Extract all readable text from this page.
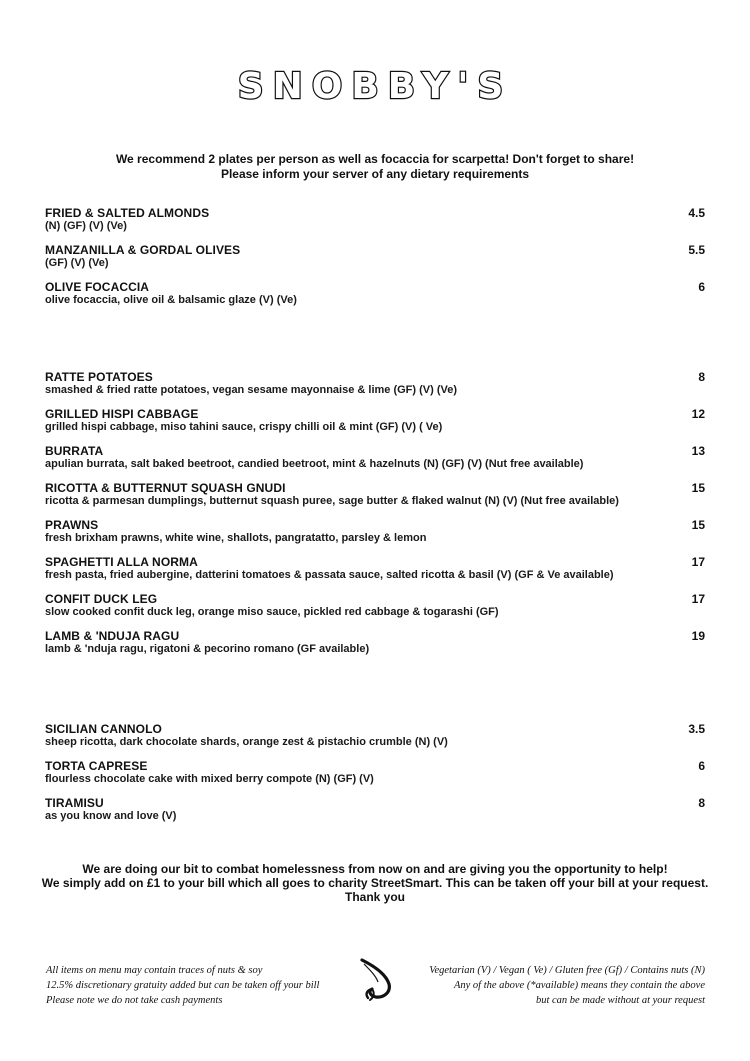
SNOBBY'S
We recommend 2 plates per person as well as focaccia for scarpetta! Don't forget to share!
Please inform your server of any dietary requirements
FRIED & SALTED ALMONDS	4.5
(N) (GF) (V) (Ve)
MANZANILLA & GORDAL OLIVES	5.5
(GF) (V) (Ve)
OLIVE FOCACCIA	6
olive focaccia, olive oil & balsamic glaze (V) (Ve)
RATTE POTATOES	8
smashed & fried ratte potatoes, vegan sesame mayonnaise & lime (GF) (V) (Ve)
GRILLED HISPI CABBAGE	12
grilled hispi cabbage, miso tahini sauce, crispy chilli oil & mint (GF) (V) ( Ve)
BURRATA	13
apulian burrata, salt baked beetroot, candied beetroot, mint & hazelnuts (N) (GF) (V) (Nut free available)
RICOTTA & BUTTERNUT SQUASH GNUDI	15
ricotta & parmesan dumplings, butternut squash puree, sage butter & flaked walnut (N) (V) (Nut free available)
PRAWNS	15
fresh brixham prawns, white wine, shallots, pangratatto, parsley & lemon
SPAGHETTI ALLA NORMA	17
fresh pasta, fried aubergine, datterini tomatoes & passata sauce, salted ricotta & basil (V) (GF & Ve available)
CONFIT DUCK LEG	17
slow cooked confit duck leg, orange miso sauce, pickled red cabbage & togarashi (GF)
LAMB & 'NDUJA RAGU	19
lamb & 'nduja ragu, rigatoni & pecorino romano (GF available)
SICILIAN CANNOLO	3.5
sheep ricotta, dark chocolate shards, orange zest & pistachio crumble (N) (V)
TORTA CAPRESE	6
flourless chocolate cake with mixed berry compote (N) (GF) (V)
TIRAMISU	8
as you know and love (V)
We are doing our bit to combat homelessness from now on and are giving you the opportunity to help!
We simply add on £1 to your bill which all goes to charity StreetSmart. This can be taken off your bill at your request.
Thank you
All items on menu may contain traces of nuts & soy
12.5% discretionary gratuity added but can be taken off your bill
Please note we do not take cash payments
Vegetarian (V) / Vegan ( Ve) / Gluten free (Gf) / Contains nuts (N)
Any of the above (*available) means they contain the above
but can be made without at your request
